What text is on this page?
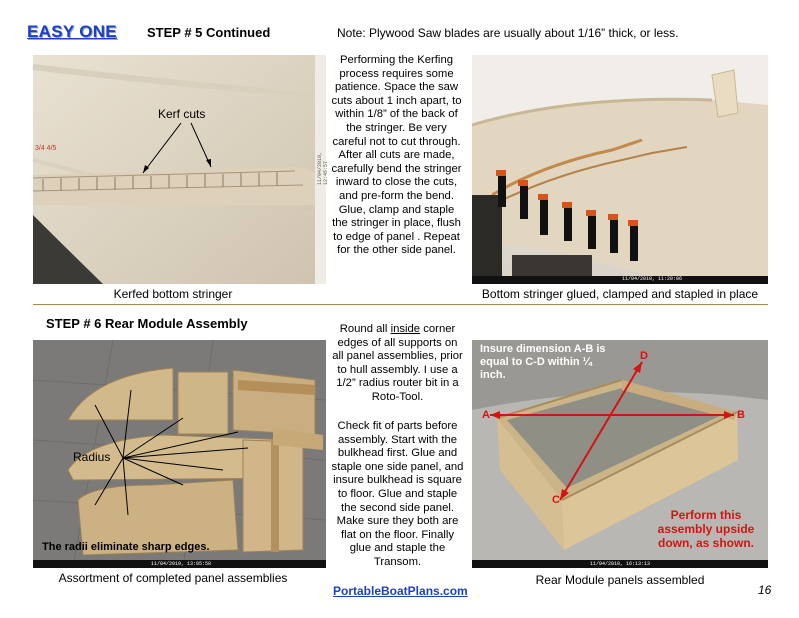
EASY ONE STEP # 5 Continued	Note: Plywood Saw blades are usually about 1/16” thick, or less.
3/4 4/5
Kerf cuts
11/04/2010, 12:45:57
Kerfed bottom stringer
Performing the Kerfing process requires some patience. Space the saw cuts about 1 inch apart, to within 1/8” of the back of the stringer. Be very careful not to cut through. After all cuts are made, carefully bend the stringer inward to close the cuts, and pre-form the bend. Glue, clamp and staple the stringer in place, flush to edge of panel . Repeat for the other side panel.
11/04/2010, 11:20:06
Bottom stringer glued, clamped and stapled in place
STEP # 6 Rear Module Assembly
Radius
The radii eliminate sharp edges.
11/04/2010, 13:05:58
Assortment of completed panel assemblies
Round all inside corner edges of all supports on all panel assemblies, prior to hull assembly. I use a 1/2” radius router bit in a Roto-Tool.
Check fit of parts before assembly. Start with the bulkhead first. Glue and staple one side panel, and insure bulkhead is square to floor. Glue and staple the second side panel. Make sure they both are flat on the floor. Finally glue and staple the Transom.
Insure dimension A-B is equal to C-D within ¼ inch.
A	B
C
D
Perform this assembly upside down, as shown.
11/04/2010, 16:13:13
Rear Module panels assembled
PortableBoatPlans.com	16
